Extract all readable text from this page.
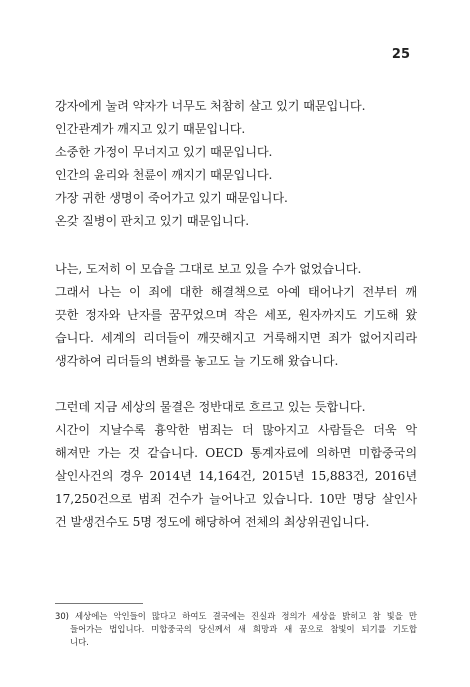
25
강자에게 눌려 약자가 너무도 처참히 살고 있기 때문입니다.
인간관계가 깨지고 있기 때문입니다.
소중한 가정이 무너지고 있기 때문입니다.
인간의 윤리와 천륜이 깨지기 때문입니다.
가장 귀한 생명이 죽어가고 있기 때문입니다.
온갖 질병이 판치고 있기 때문입니다.
나는, 도저히 이 모습을 그대로 보고 있을 수가 없었습니다.
그래서 나는 이 죄에 대한 해결책으로 아예 태어나기 전부터 깨
끗한 정자와 난자를 꿈꾸었으며 작은 세포, 원자까지도 기도해 왔
습니다. 세계의 리더들이 깨끗해지고 거룩해지면 죄가 없어지리라
생각하여 리더들의 변화를 놓고도 늘 기도해 왔습니다.
그런데 지금 세상의 물결은 정반대로 흐르고 있는 듯합니다.
시간이 지날수록 흉악한 범죄는 더 많아지고 사람들은 더욱 악
해져만 가는 것 같습니다. OECD 통계자료에 의하면 미합중국의
살인사건의 경우 2014년 14,164건, 2015년 15,883건, 2016년
17,250건으로 범죄 건수가 늘어나고 있습니다. 10만 명당 살인사
건 발생건수도 5명 정도에 해당하여 전체의 최상위권입니다.
30) 세상에는 악인들이 많다고 하여도 결국에는 진실과 정의가 세상을 밝히고 참 빛을 만
들어가는 법입니다. 미합중국의 당신께서 새 희망과 새 꿈으로 참빛이 되기를 기도합
니다.
